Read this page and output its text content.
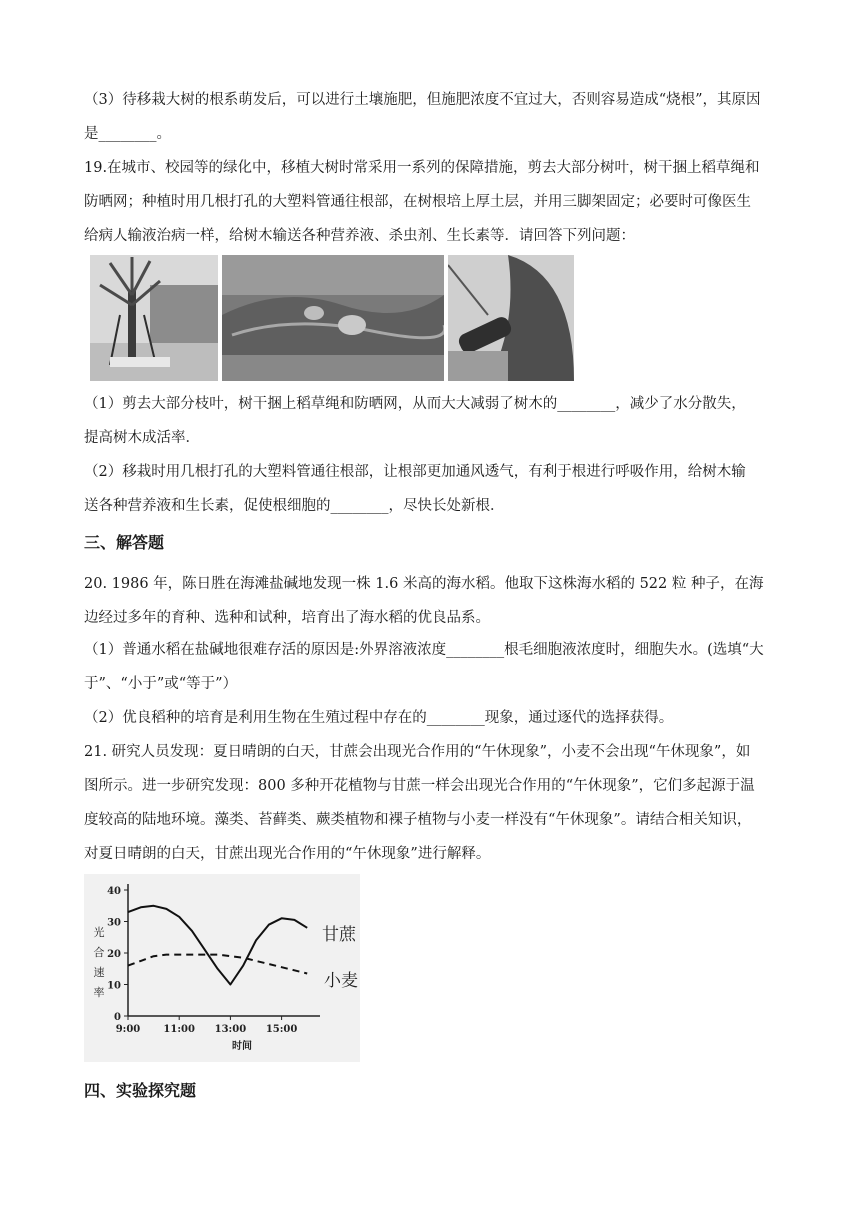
（3）待移栽大树的根系萌发后，可以进行土壤施肥，但施肥浓度不宜过大，否则容易造成“烧根”，其原因
是________。
19.在城市、校园等的绿化中，移植大树时常采用一系列的保障措施，剪去大部分树叶，树干捆上稻草绳和
防晒网；种植时用几根打孔的大塑料管通往根部，在树根培上厚土层，并用三脚架固定；必要时可像医生
给病人输液治病一样，给树木输送各种营养液、杀虫剂、生长素等．请回答下列问题：
（1）剪去大部分枝叶，树干捆上稻草绳和防晒网，从而大大减弱了树木的________，减少了水分散失，
提高树木成活率．
（2）移栽时用几根打孔的大塑料管通往根部，让根部更加通风透气，有利于根进行呼吸作用，给树木输
送各种营养液和生长素，促使根细胞的________，尽快长处新根．
三、解答题
20. 1986 年，陈日胜在海滩盐碱地发现一株 1.6 米高的海水稻。他取下这株海水稻的 522 粒 种子，在海
边经过多年的育种、选种和试种，培育出了海水稻的优良品系。
（1）普通水稻在盐碱地很难存活的原因是:外界溶液浓度________根毛细胞液浓度时，细胞失水。(选填“大
于”、“小于”或“等于”）
（2）优良稻种的培育是利用生物在生殖过程中存在的________现象，通过逐代的选择获得。
21. 研究人员发现：夏日晴朗的白天，甘蔗会出现光合作用的“午休现象”，小麦不会出现“午休现象”，如
图所示。进一步研究发现：800 多种开花植物与甘蔗一样会出现光合作用的“午休现象”，它们多起源于温
度较高的陆地环境。藻类、苔藓类、蕨类植物和裸子植物与小麦一样没有“午休现象”。请结合相关知识，
对夏日晴朗的白天，甘蔗出现光合作用的“午休现象”进行解释。
0
10
20
30
40
9:00 11:00 13:00 15:00
光
合
速
率
时间
甘蔗
小麦
四、实验探究题
